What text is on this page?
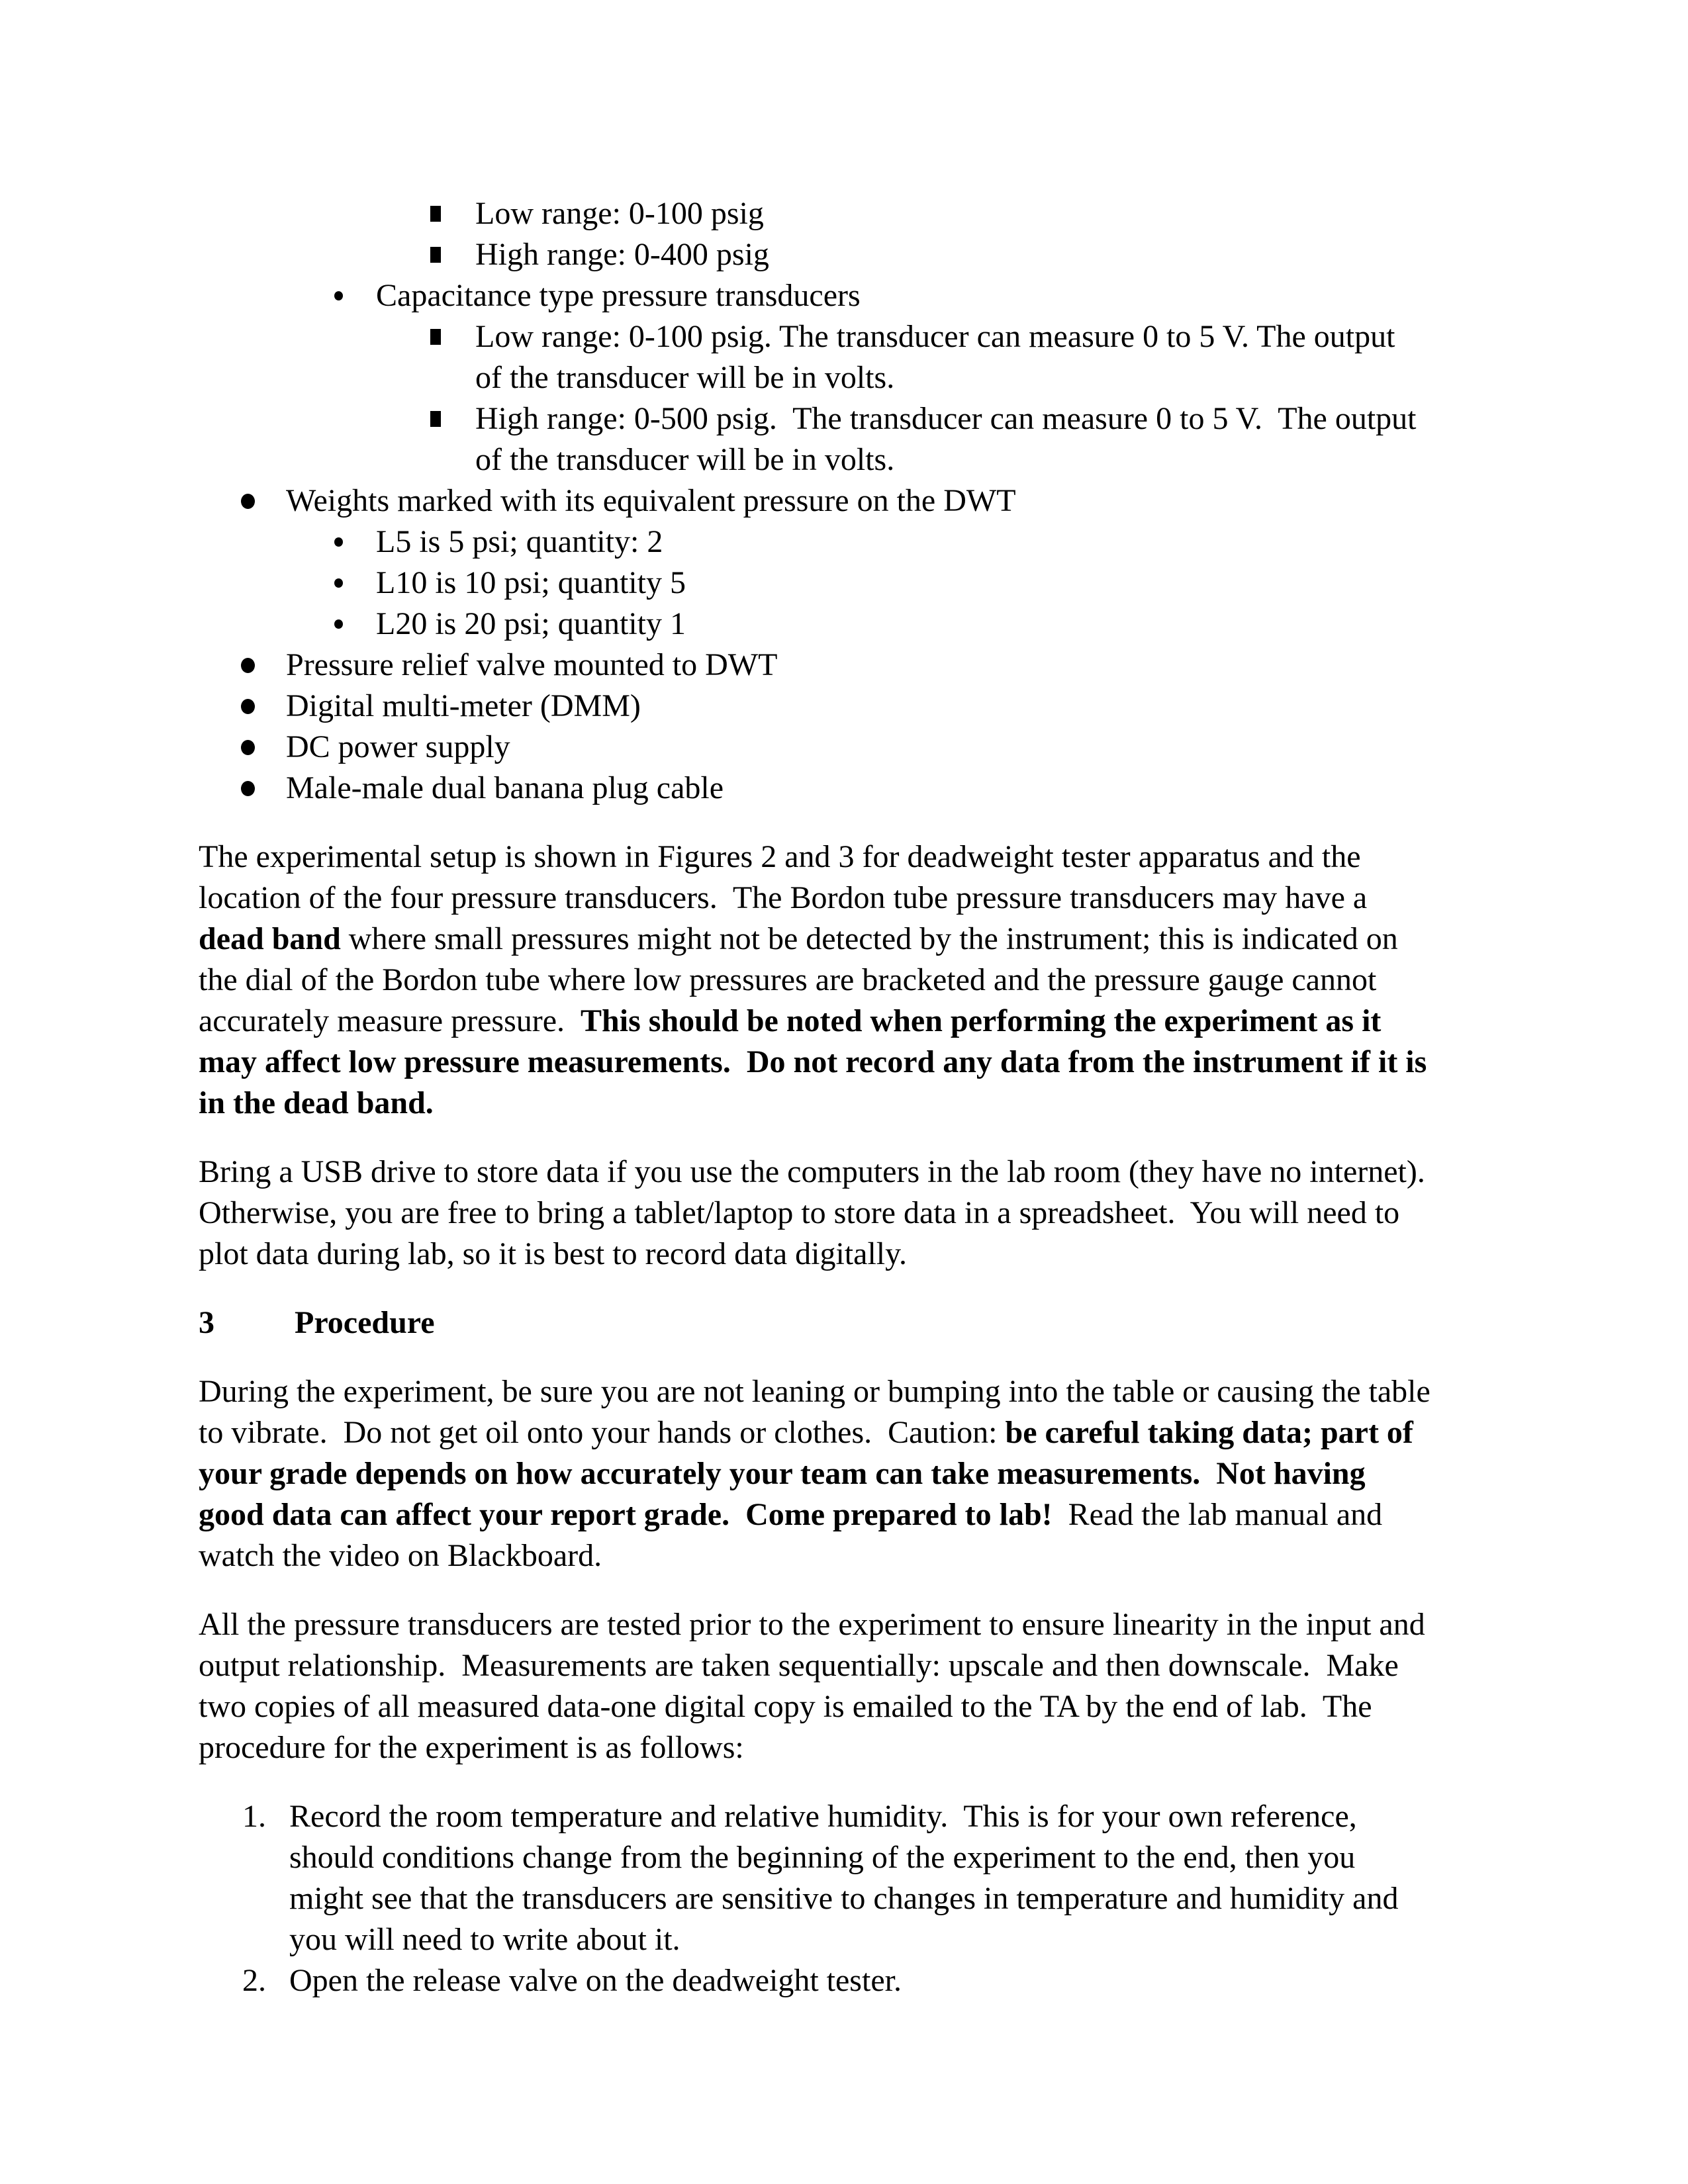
Low range: 0-100 psig
High range: 0-400 psig
Capacitance type pressure transducers
Low range: 0-100 psig. The transducer can measure 0 to 5 V. The output
of the transducer will be in volts.
High range: 0-500 psig.  The transducer can measure 0 to 5 V.  The output
of the transducer will be in volts.
Weights marked with its equivalent pressure on the DWT
L5 is 5 psi; quantity: 2
L10 is 10 psi; quantity 5
L20 is 20 psi; quantity 1
Pressure relief valve mounted to DWT
Digital multi-meter (DMM)
DC power supply
Male-male dual banana plug cable
The experimental setup is shown in Figures 2 and 3 for deadweight tester apparatus and the
location of the four pressure transducers.  The Bordon tube pressure transducers may have a
dead band where small pressures might not be detected by the instrument; this is indicated on
the dial of the Bordon tube where low pressures are bracketed and the pressure gauge cannot
accurately measure pressure.  This should be noted when performing the experiment as it
may affect low pressure measurements.  Do not record any data from the instrument if it is
in the dead band.
Bring a USB drive to store data if you use the computers in the lab room (they have no internet).
Otherwise, you are free to bring a tablet/laptop to store data in a spreadsheet.  You will need to
plot data during lab, so it is best to record data digitally.
3	Procedure
During the experiment, be sure you are not leaning or bumping into the table or causing the table
to vibrate.  Do not get oil onto your hands or clothes.  Caution: be careful taking data; part of
your grade depends on how accurately your team can take measurements.  Not having
good data can affect your report grade.  Come prepared to lab!  Read the lab manual and
watch the video on Blackboard.
All the pressure transducers are tested prior to the experiment to ensure linearity in the input and
output relationship.  Measurements are taken sequentially: upscale and then downscale.  Make
two copies of all measured data-one digital copy is emailed to the TA by the end of lab.  The
procedure for the experiment is as follows:
1. Record the room temperature and relative humidity.  This is for your own reference,
should conditions change from the beginning of the experiment to the end, then you
might see that the transducers are sensitive to changes in temperature and humidity and
you will need to write about it.
2. Open the release valve on the deadweight tester.
